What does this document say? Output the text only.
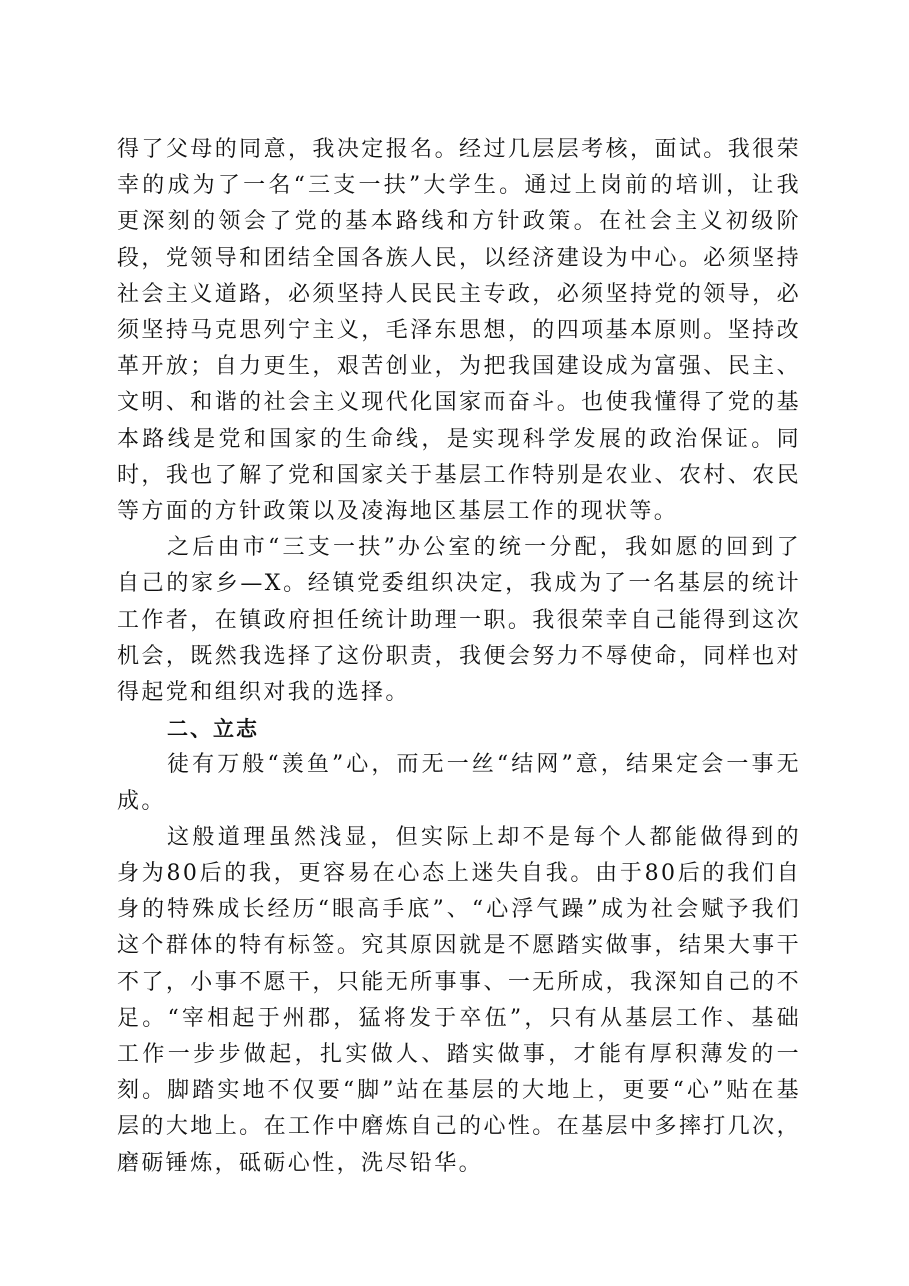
得了父母的同意，我决定报名。经过几层层考核，面试。我很荣幸的成为了一名“三支一扶”大学生。通过上岗前的培训，让我更深刻的领会了党的基本路线和方针政策。在社会主义初级阶段，党领导和团结全国各族人民，以经济建设为中心。必须坚持社会主义道路，必须坚持人民民主专政，必须坚持党的领导，必须坚持马克思列宁主义，毛泽东思想，的四项基本原则。坚持改革开放；自力更生，艰苦创业，为把我国建设成为富强、民主、文明、和谐的社会主义现代化国家而奋斗。也使我懂得了党的基本路线是党和国家的生命线，是实现科学发展的政治保证。同时，我也了解了党和国家关于基层工作特别是农业、农村、农民等方面的方针政策以及凌海地区基层工作的现状等。

之后由市“三支一扶”办公室的统一分配，我如愿的回到了自己的家乡—X。经镇党委组织决定，我成为了一名基层的统计工作者，在镇政府担任统计助理一职。我很荣幸自己能得到这次机会，既然我选择了这份职责，我便会努力不辱使命，同样也对得起党和组织对我的选择。

二、立志

徒有万般“羡鱼”心，而无一丝“结网”意，结果定会一事无成。

这般道理虽然浅显，但实际上却不是每个人都能做得到的身为80后的我，更容易在心态上迷失自我。由于80后的我们自身的特殊成长经历“眼高手底”、“心浮气躁”成为社会赋予我们这个群体的特有标签。究其原因就是不愿踏实做事，结果大事干不了，小事不愿干，只能无所事事、一无所成，我深知自己的不足。“宰相起于州郡，猛将发于卒伍”，只有从基层工作、基础工作一步步做起，扎实做人、踏实做事，才能有厚积薄发的一刻。脚踏实地不仅要“脚”站在基层的大地上，更要“心”贴在基层的大地上。在工作中磨炼自己的心性。在基层中多摔打几次，磨砺锤炼，砥砺心性，洗尽铅华。
